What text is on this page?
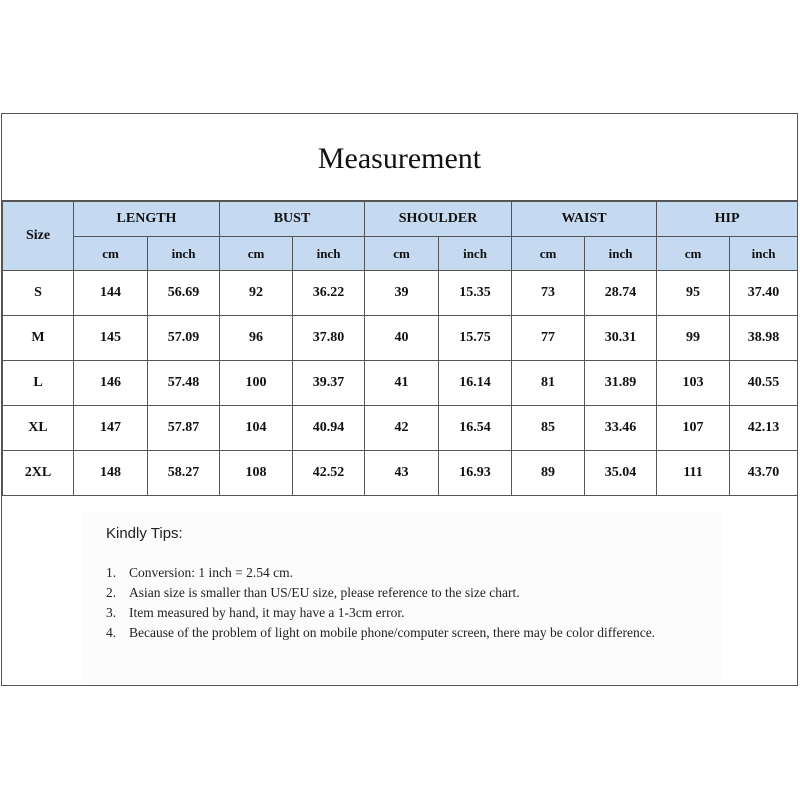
Measurement
Size	LENGTH		BUST		SHOULDER		WAIST		HIP	
	cm	inch	cm	inch	cm	inch	cm	inch	cm	inch
S	144	56.69	92	36.22	39	15.35	73	28.74	95	37.40
M	145	57.09	96	37.80	40	15.75	77	30.31	99	38.98
L	146	57.48	100	39.37	41	16.14	81	31.89	103	40.55
XL	147	57.87	104	40.94	42	16.54	85	33.46	107	42.13
2XL	148	58.27	108	42.52	43	16.93	89	35.04	111	43.70
Kindly Tips:
1. Conversion: 1 inch = 2.54 cm.
2. Asian size is smaller than US/EU size, please reference to the size chart.
3. Item measured by hand, it may have a 1-3cm error.
4. Because of the problem of light on mobile phone/computer screen, there may be color difference.
